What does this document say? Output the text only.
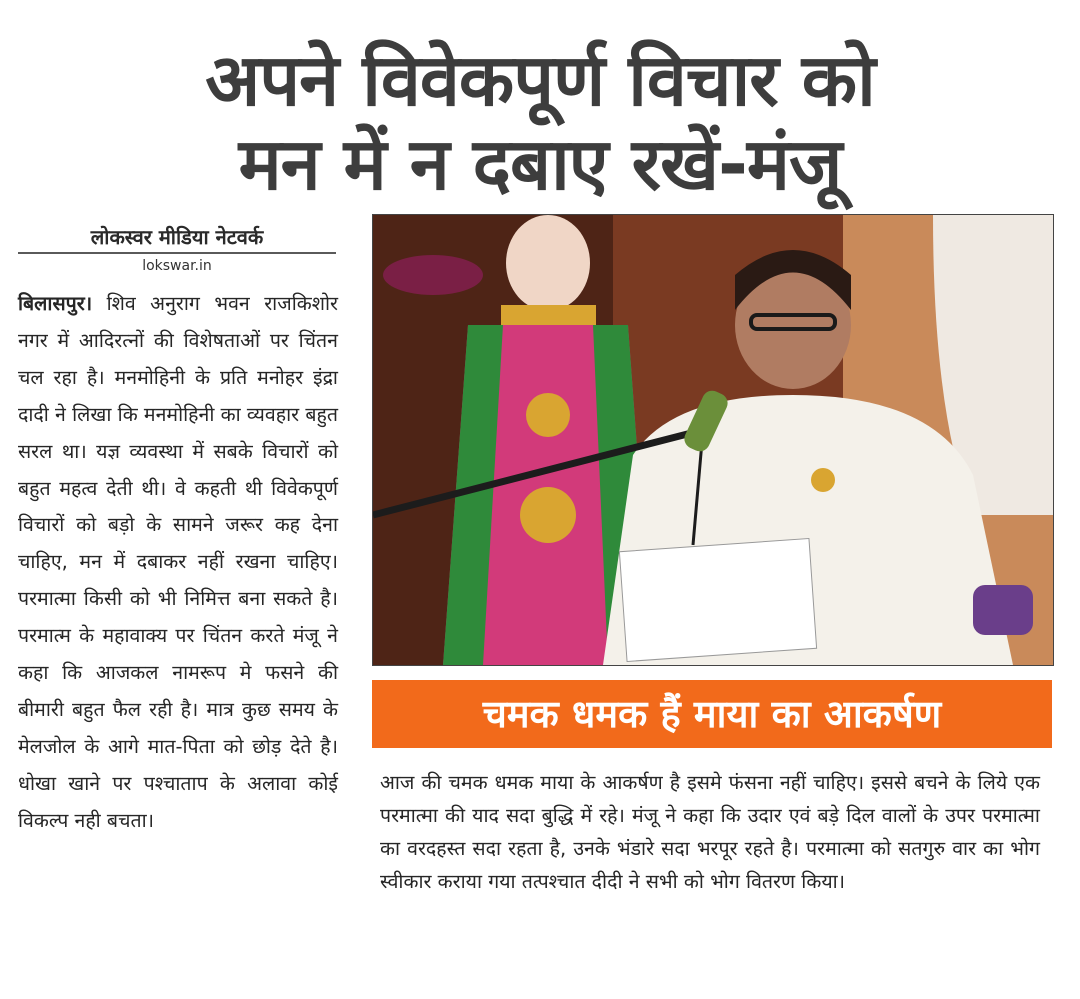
अपने विवेकपूर्ण विचार को
मन में न दबाए रखें-मंजू
लोकस्वर मीडिया नेटवर्क
lokswar.in
बिलासपुर। शिव अनुराग भवन राजकिशोर नगर में आदिरत्नों की विशेषताओं पर चिंतन चल रहा है। मनमोहिनी के प्रति मनोहर इंद्रा दादी ने लिखा कि मनमोहिनी का व्यवहार बहुत सरल था। यज्ञ व्यवस्था में सबके विचारों को बहुत महत्व देती थी। वे कहती थी विवेकपूर्ण विचारों को बड़ो के सामने जरूर कह देना चाहिए, मन में दबाकर नहीं रखना चाहिए। परमात्मा किसी को भी निमित्त बना सकते है। परमात्म के महावाक्य पर चिंतन करते मंजू ने कहा कि आजकल नामरूप मे फसने की बीमारी बहुत फैल रही है। मात्र कुछ समय के मेलजोल के आगे मात-पिता को छोड़ देते है। धोखा खाने पर पश्चाताप के अलावा कोई विकल्प नही बचता।
चमक धमक हैं माया का आकर्षण
आज की चमक धमक माया के आकर्षण है इसमे फंसना नहीं चाहिए। इससे बचने के लिये एक परमात्मा की याद सदा बुद्धि में रहे। मंजू ने कहा कि उदार एवं बड़े दिल वालों के उपर परमात्मा का वरदहस्त सदा रहता है, उनके भंडारे सदा भरपूर रहते है। परमात्मा को सतगुरु वार का भोग स्वीकार कराया गया तत्पश्चात दीदी ने सभी को भोग वितरण किया।
